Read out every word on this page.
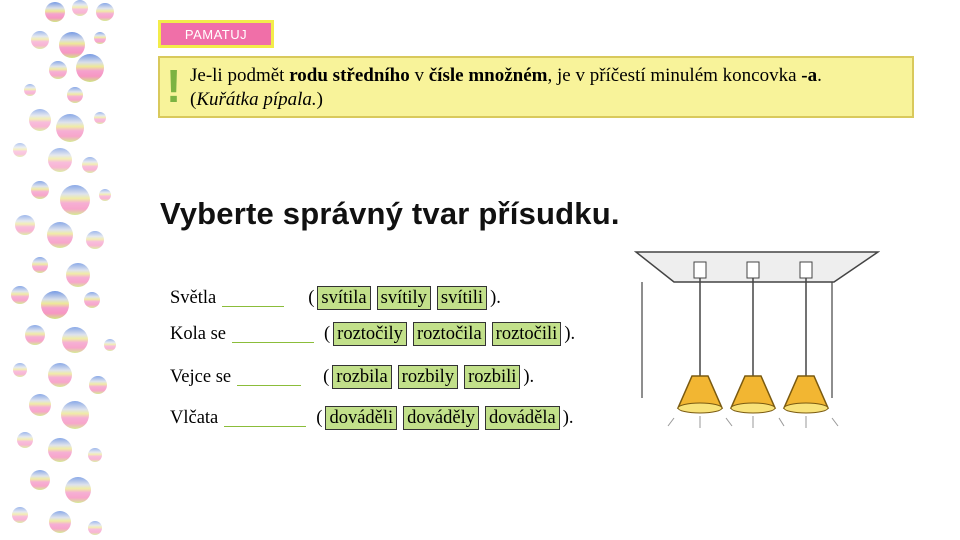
PAMATUJ
! Je-li podmět rodu středního v čísle množném, je v příčestí minulém koncovka -a.
(Kuřátka pípala.)
Vyberte správný tvar přísudku.
Světla	( svítila svítily svítili ).
Kola se	( roztočily roztočila roztočili ).
Vejce se	( rozbila rozbily rozbili ).
Vlčata	( dováděli dováděly dováděla ).
